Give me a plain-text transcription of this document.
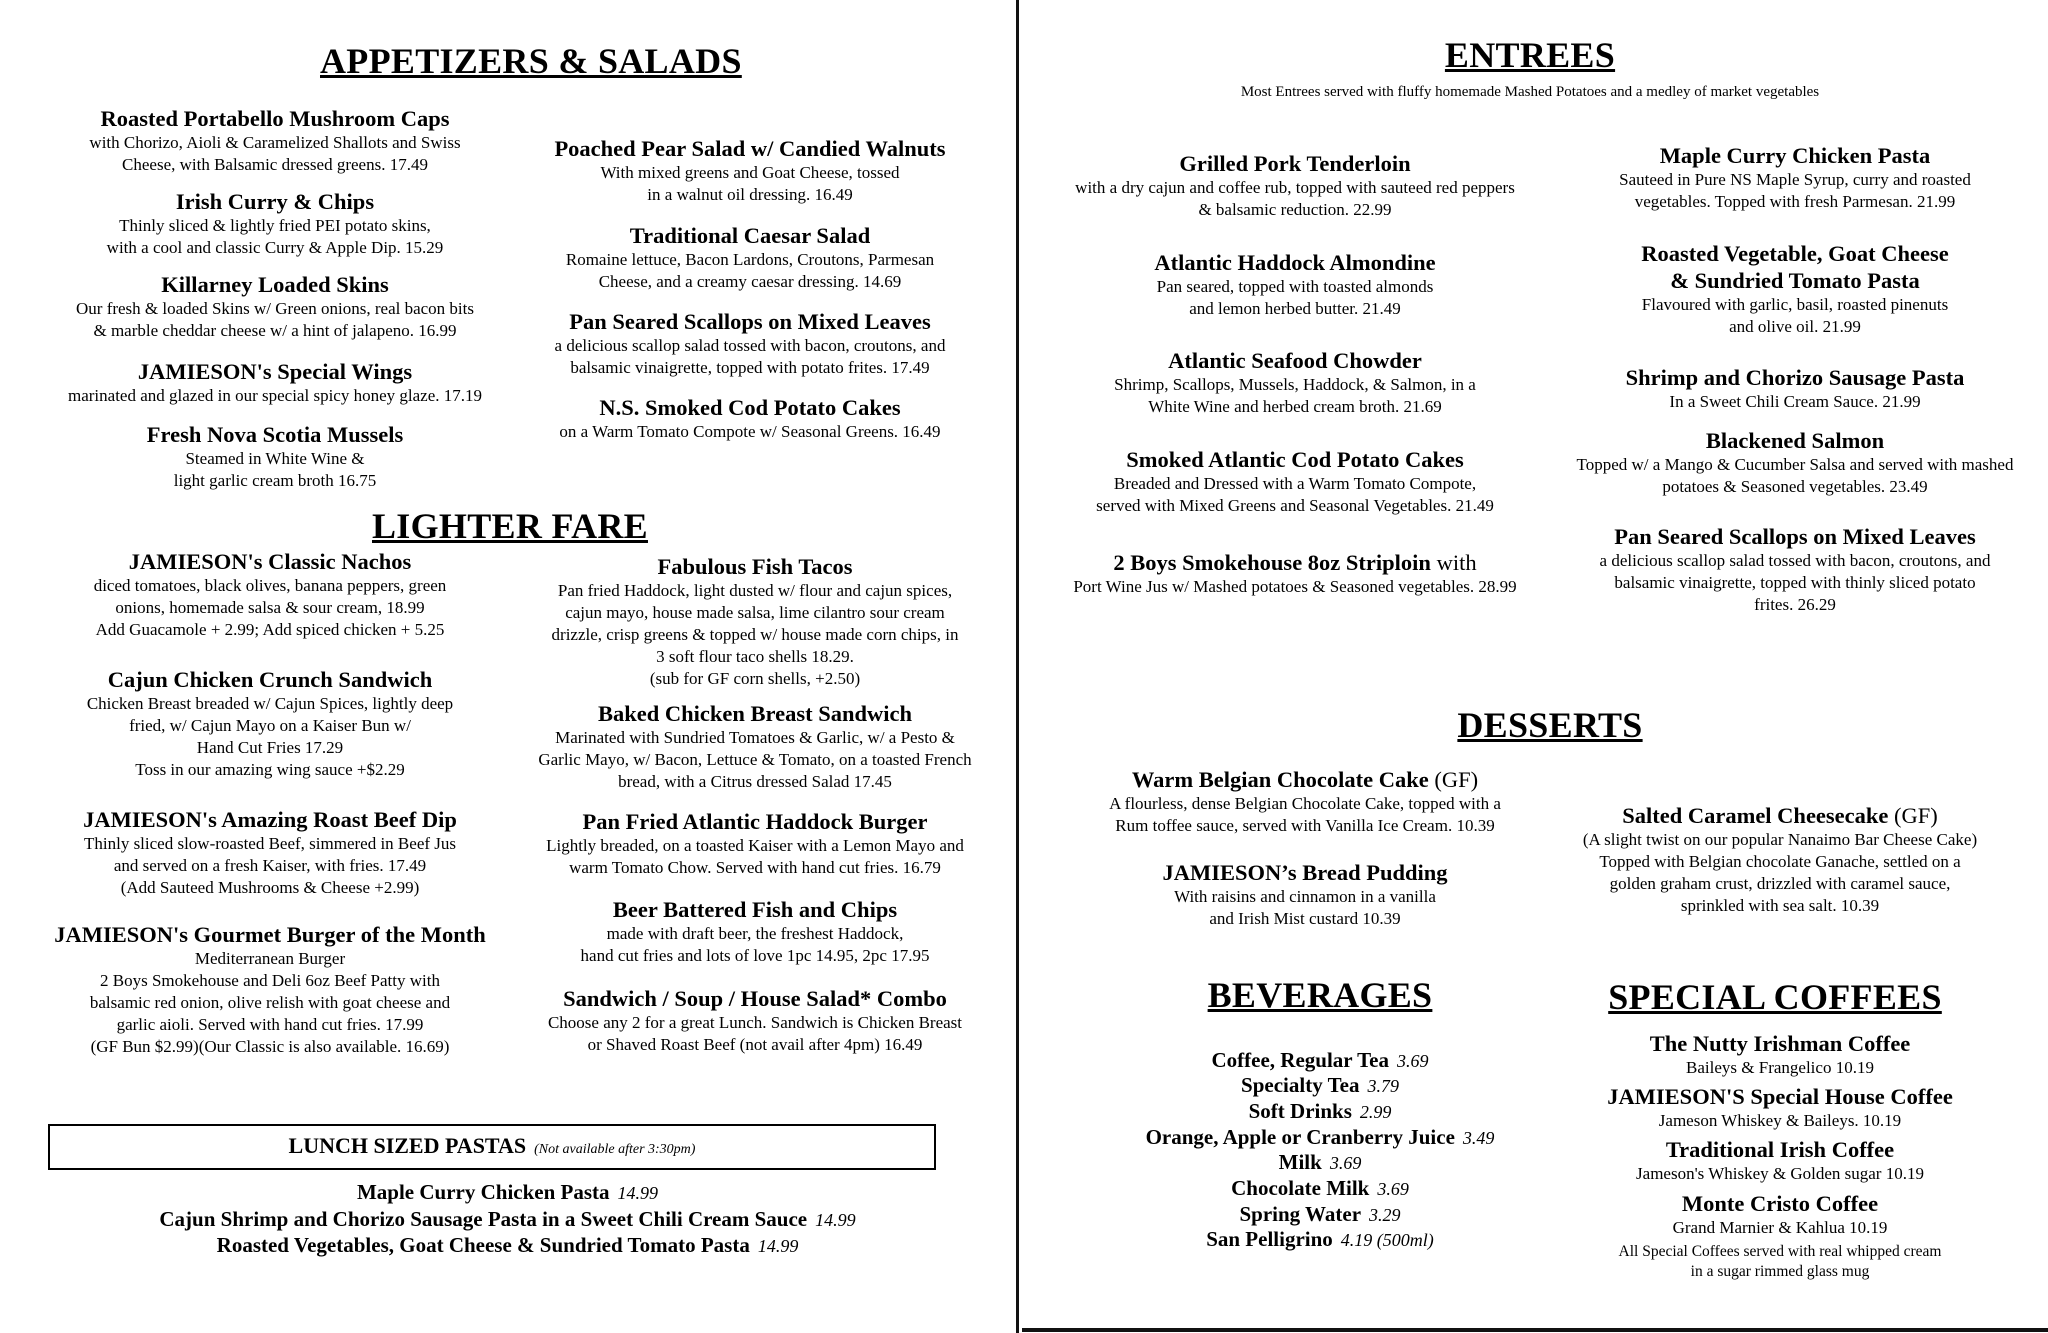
APPETIZERS & SALADS
Roasted Portabello Mushroom Caps
with Chorizo, Aioli & Caramelized Shallots and Swiss
Cheese, with Balsamic dressed greens. 17.49
Irish Curry & Chips
Thinly sliced & lightly fried PEI potato skins,
with a cool and classic Curry & Apple Dip. 15.29
Killarney Loaded Skins
Our fresh & loaded Skins w/ Green onions, real bacon bits
& marble cheddar cheese w/ a hint of jalapeno. 16.99
JAMIESON's Special Wings
marinated and glazed in our special spicy honey glaze. 17.19
Fresh Nova Scotia Mussels
Steamed in White Wine &
light garlic cream broth 16.75
Poached Pear Salad w/ Candied Walnuts
With mixed greens and Goat Cheese, tossed
in a walnut oil dressing. 16.49
Traditional Caesar Salad
Romaine lettuce, Bacon Lardons, Croutons, Parmesan
Cheese, and a creamy caesar dressing. 14.69
Pan Seared Scallops on Mixed Leaves
a delicious scallop salad tossed with bacon, croutons, and
balsamic vinaigrette, topped with potato frites. 17.49
N.S. Smoked Cod Potato Cakes
on a Warm Tomato Compote w/ Seasonal Greens. 16.49
LIGHTER FARE
JAMIESON's Classic Nachos
diced tomatoes, black olives, banana peppers, green
onions, homemade salsa & sour cream, 18.99
Add Guacamole + 2.99; Add spiced chicken + 5.25
Cajun Chicken Crunch Sandwich
Chicken Breast breaded w/ Cajun Spices, lightly deep
fried, w/ Cajun Mayo on a Kaiser Bun w/
Hand Cut Fries 17.29
Toss in our amazing wing sauce +$2.29
JAMIESON's Amazing Roast Beef Dip
Thinly sliced slow-roasted Beef, simmered in Beef Jus
and served on a fresh Kaiser, with fries. 17.49
(Add Sauteed Mushrooms & Cheese +2.99)
JAMIESON's Gourmet Burger of the Month
Mediterranean Burger
2 Boys Smokehouse and Deli 6oz Beef Patty with
balsamic red onion, olive relish with goat cheese and
garlic aioli. Served with hand cut fries. 17.99
(GF Bun $2.99)(Our Classic is also available. 16.69)
Fabulous Fish Tacos
Pan fried Haddock, light dusted w/ flour and cajun spices,
cajun mayo, house made salsa, lime cilantro sour cream
drizzle, crisp greens & topped w/ house made corn chips, in
3 soft flour taco shells 18.29.
(sub for GF corn shells, +2.50)
Baked Chicken Breast Sandwich
Marinated with Sundried Tomatoes & Garlic, w/ a Pesto &
Garlic Mayo, w/ Bacon, Lettuce & Tomato, on a toasted French
bread, with a Citrus dressed Salad 17.45
Pan Fried Atlantic Haddock Burger
Lightly breaded, on a toasted Kaiser with a Lemon Mayo and
warm Tomato Chow. Served with hand cut fries. 16.79
Beer Battered Fish and Chips
made with draft beer, the freshest Haddock,
hand cut fries and lots of love 1pc 14.95, 2pc 17.95
Sandwich / Soup / House Salad* Combo
Choose any 2 for a great Lunch. Sandwich is Chicken Breast
or Shaved Roast Beef (not avail after 4pm) 16.49
LUNCH SIZED PASTAS (Not available after 3:30pm)
Maple Curry Chicken Pasta 14.99
Cajun Shrimp and Chorizo Sausage Pasta in a Sweet Chili Cream Sauce 14.99
Roasted Vegetables, Goat Cheese & Sundried Tomato Pasta 14.99
ENTREES
Most Entrees served with fluffy homemade Mashed Potatoes and a medley of market vegetables
Grilled Pork Tenderloin
with a dry cajun and coffee rub, topped with sauteed red peppers
& balsamic reduction. 22.99
Atlantic Haddock Almondine
Pan seared, topped with toasted almonds
and lemon herbed butter. 21.49
Atlantic Seafood Chowder
Shrimp, Scallops, Mussels, Haddock, & Salmon, in a
White Wine and herbed cream broth. 21.69
Smoked Atlantic Cod Potato Cakes
Breaded and Dressed with a Warm Tomato Compote,
served with Mixed Greens and Seasonal Vegetables. 21.49
2 Boys Smokehouse 8oz Striploin with
Port Wine Jus w/ Mashed potatoes & Seasoned vegetables. 28.99
Maple Curry Chicken Pasta
Sauteed in Pure NS Maple Syrup, curry and roasted
vegetables. Topped with fresh Parmesan. 21.99
Roasted Vegetable, Goat Cheese
& Sundried Tomato Pasta
Flavoured with garlic, basil, roasted pinenuts
and olive oil. 21.99
Shrimp and Chorizo Sausage Pasta
In a Sweet Chili Cream Sauce. 21.99
Blackened Salmon
Topped w/ a Mango & Cucumber Salsa and served with mashed
potatoes & Seasoned vegetables. 23.49
Pan Seared Scallops on Mixed Leaves
a delicious scallop salad tossed with bacon, croutons, and
balsamic vinaigrette, topped with thinly sliced potato
frites. 26.29
DESSERTS
Warm Belgian Chocolate Cake (GF)
A flourless, dense Belgian Chocolate Cake, topped with a
Rum toffee sauce, served with Vanilla Ice Cream. 10.39
JAMIESON’s Bread Pudding
With raisins and cinnamon in a vanilla
and Irish Mist custard 10.39
Salted Caramel Cheesecake (GF)
(A slight twist on our popular Nanaimo Bar Cheese Cake)
Topped with Belgian chocolate Ganache, settled on a
golden graham crust, drizzled with caramel sauce,
sprinkled with sea salt. 10.39
BEVERAGES
Coffee, Regular Tea 3.69
Specialty Tea 3.79
Soft Drinks 2.99
Orange, Apple or Cranberry Juice 3.49
Milk 3.69
Chocolate Milk 3.69
Spring Water 3.29
San Pelligrino 4.19 (500ml)
SPECIAL COFFEES
The Nutty Irishman Coffee
Baileys & Frangelico 10.19
JAMIESON'S Special House Coffee
Jameson Whiskey & Baileys. 10.19
Traditional Irish Coffee
Jameson's Whiskey & Golden sugar 10.19
Monte Cristo Coffee
Grand Marnier & Kahlua 10.19
All Special Coffees served with real whipped cream
in a sugar rimmed glass mug
